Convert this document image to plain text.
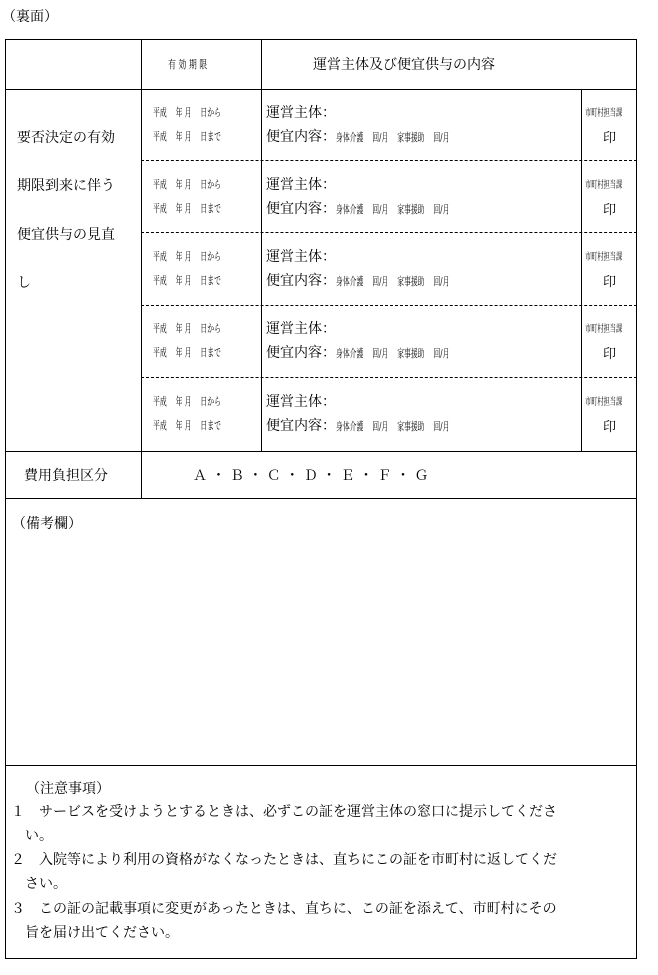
（裏面）
有 効 期 限	運営主体及び便宜供与の内容
要否決定の有効
期限到来に伴う
便宜供与の見直
し
平成　 年 月　 日から
平成　 年 月　 日まで
運営主体：
便宜内容：身体介護　 回/月　 家事援助　 回/月
市町村担当課
印
平成　 年 月　 日から
平成　 年 月　 日まで
運営主体：
便宜内容：身体介護　 回/月　 家事援助　 回/月
市町村担当課
印
平成　 年 月　 日から
平成　 年 月　 日まで
運営主体：
便宜内容：身体介護　 回/月　 家事援助　 回/月
市町村担当課
印
平成　 年 月　 日から
平成　 年 月　 日まで
運営主体：
便宜内容：身体介護　 回/月　 家事援助　 回/月
市町村担当課
印
平成　 年 月　 日から
平成　 年 月　 日まで
運営主体：
便宜内容：身体介護　 回/月　 家事援助　 回/月
市町村担当課
印
費用負担区分	Ａ ・ Ｂ ・ Ｃ ・ Ｄ ・ Ｅ ・ Ｆ ・ Ｇ
（備考欄）
（注意事項）
１　サービスを受けようとするときは、必ずこの証を運営主体の窓口に提示してくださ
い。
２　入院等により利用の資格がなくなったときは、直ちにこの証を市町村に返してくだ
さい。
３　この証の記載事項に変更があったときは、直ちに、この証を添えて、市町村にその
旨を届け出てください。
